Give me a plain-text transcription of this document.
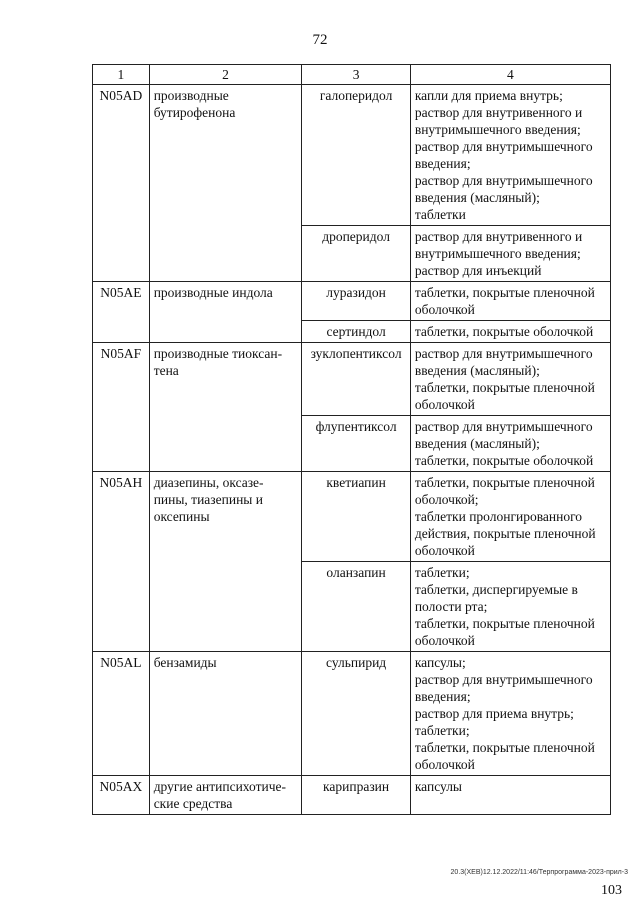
72
1	2	3	4
N05AD	производные бутирофенона	галоперидол	капли для приема внутрь;
раствор для внутривенного и внутримышечного введения;
раствор для внутримышечного введения;
раствор для внутримышечного введения (масляный);
таблетки

		дроперидол	раствор для внутривенного и внутримышечного введения;
раствор для инъекций

N05AE	производные индола	луразидон	таблетки, покрытые пленочной оболочкой

		сертиндол	таблетки, покрытые оболочкой

N05AF	производные тиоксан-тена	зуклопентиксол	раствор для внутримышечного введения (масляный);
таблетки, покрытые пленочной оболочкой

		флупентиксол	раствор для внутримышечного введения (масляный);
таблетки, покрытые оболочкой

N05AH	диазепины, оксазе-пины, тиазепины и оксепины	кветиапин	таблетки, покрытые пленочной оболочкой;
таблетки пролонгированного действия, покрытые пленочной оболочкой

		оланзапин	таблетки;
таблетки, диспергируемые в полости рта;
таблетки, покрытые пленочной оболочкой

N05AL	бензамиды	сульпирид	капсулы;
раствор для внутримышечного введения;
раствор для приема внутрь;
таблетки;
таблетки, покрытые пленочной оболочкой

N05AX	другие антипсихотиче-ские средства	карипразин	капсулы
20.3(XEB)12.12.2022/11:46/Терпрограмма-2023-прил-3
103
